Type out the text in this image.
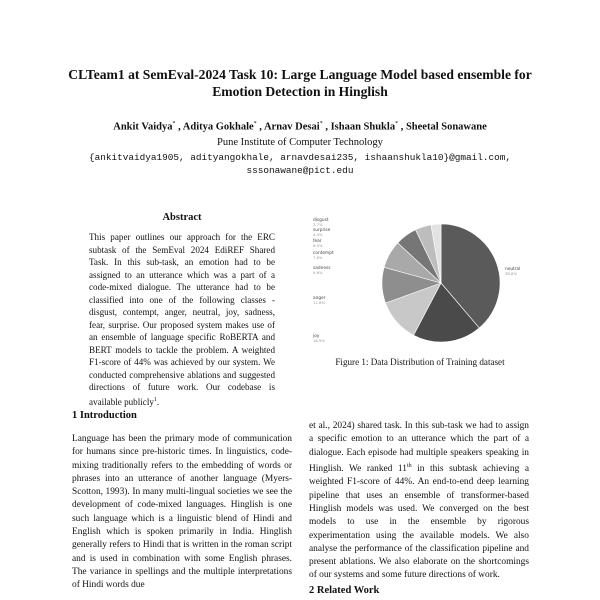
CLTeam1 at SemEval-2024 Task 10: Large Language Model based ensemble for Emotion Detection in Hinglish
Ankit Vaidya* , Aditya Gokhale* , Arnav Desai* , Ishaan Shukla* , Sheetal Sonawane
Pune Institute of Computer Technology
{ankitvaidya1905, adityangokhale, arnavdesai235, ishaanshukla10}@gmail.com,
sssonawane@pict.edu
Abstract
This paper outlines our approach for the ERC subtask of the SemEval 2024 EdiREF Shared Task. In this sub-task, an emotion had to be assigned to an utterance which was a part of a code-mixed dialogue. The utterance had to be classified into one of the following classes - disgust, contempt, anger, neutral, joy, sadness, fear, surprise. Our proposed system makes use of an ensemble of language specific RoBERTA and BERT models to tackle the problem. A weighted F1-score of 44% was achieved by our system. We conducted comprehensive ablations and suggested directions of future work. Our codebase is available publicly$^1$.
1 Introduction
Language has been the primary mode of communication for humans since pre-historic times. In linguistics, code-mixing traditionally refers to the embedding of words or phrases into an utterance of another language (Myers-Scotton, 1993). In many multi-lingual societies we see the development of code-mixed languages. Hinglish is one such language which is a linguistic blend of Hindi and English which is spoken primarily in India. Hinglish generally refers to Hindi that is written in the roman script and is used in combination with some English phrases. The variance in spellings and the multiple interpretations of Hindi words due
neutral
38.8%
joy
18.9%
anger
11.8%
sadness
9.8%
contempt
7.6%
fear
6.0%
surprise
4.4%
disgust
2.7%
Figure 1: Data Distribution of Training dataset
et al., 2024) shared task. In this sub-task we had to assign a specific emotion to an utterance which the part of a dialogue. Each episode had multiple speakers speaking in Hinglish. We ranked 11th in this subtask achieving a weighted F1-score of 44%. An end-to-end deep learning pipeline that uses an ensemble of transformer-based Hinglish models was used. We converged on the best models to use in the ensemble by rigorous experimentation using the available models. We also analyse the performance of the classification pipeline and present ablations. We also elaborate on the shortcomings of our systems and some future directions of work.
2 Related Work
